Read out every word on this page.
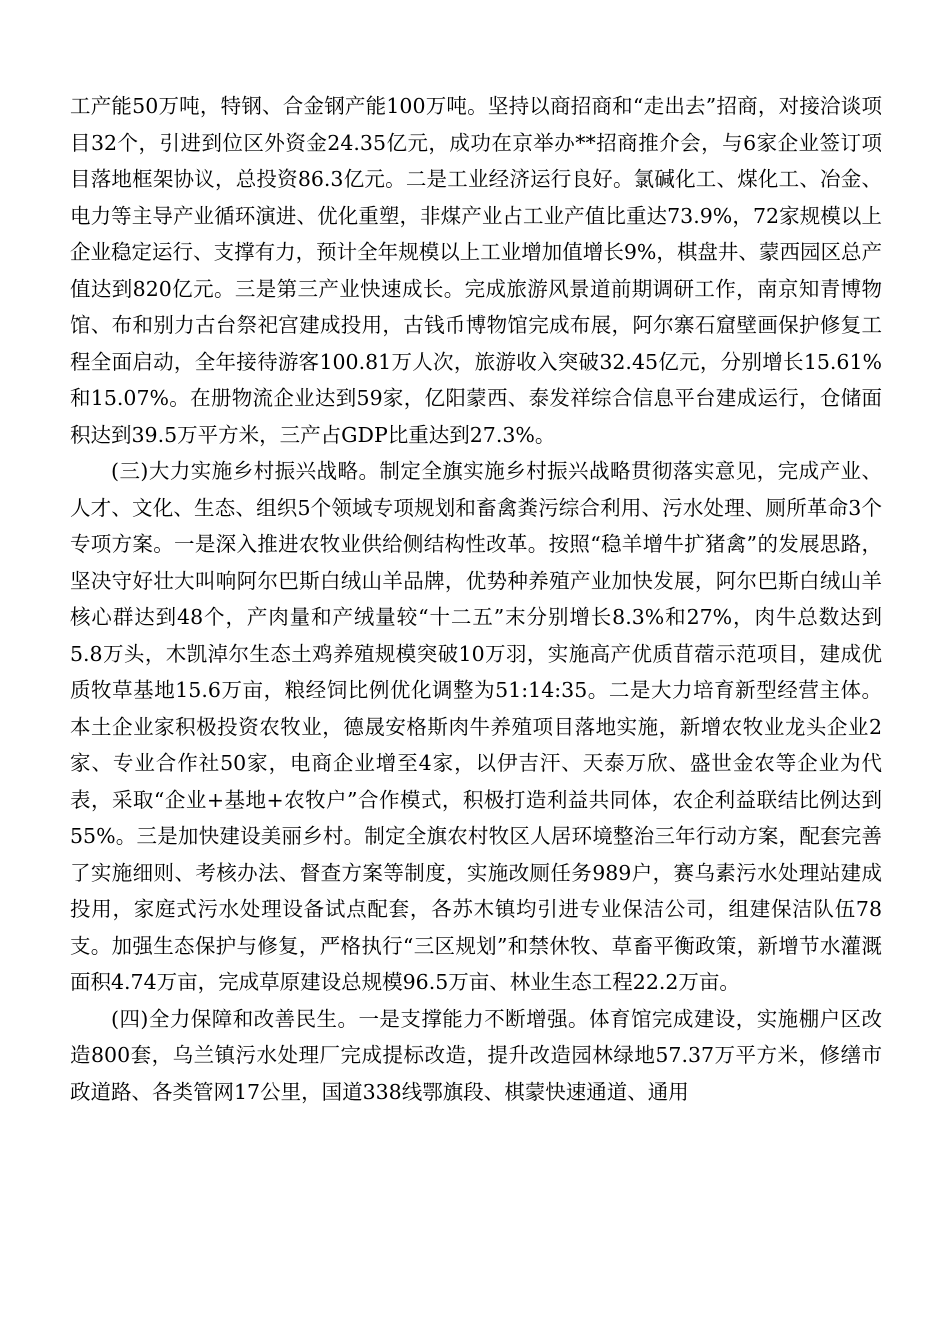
工产能50万吨，特钢、合金钢产能100万吨。坚持以商招商和“走出去”招商，对接洽谈项目32个，引进到位区外资金24.35亿元，成功在京举办**招商推介会，与6家企业签订项目落地框架协议，总投资86.3亿元。二是工业经济运行良好。氯碱化工、煤化工、冶金、电力等主导产业循环演进、优化重塑，非煤产业占工业产值比重达73.9%，72家规模以上企业稳定运行、支撑有力，预计全年规模以上工业增加值增长9%，棋盘井、蒙西园区总产值达到820亿元。三是第三产业快速成长。完成旅游风景道前期调研工作，南京知青博物馆、布和别力古台祭祀宫建成投用，古钱币博物馆完成布展，阿尔寨石窟壁画保护修复工程全面启动，全年接待游客100.81万人次，旅游收入突破32.45亿元，分别增长15.61%和15.07%。在册物流企业达到59家，亿阳蒙西、泰发祥综合信息平台建成运行，仓储面积达到39.5万平方米，三产占GDP比重达到27.3%。

(三)大力实施乡村振兴战略。制定全旗实施乡村振兴战略贯彻落实意见，完成产业、人才、文化、生态、组织5个领域专项规划和畜禽粪污综合利用、污水处理、厕所革命3个专项方案。一是深入推进农牧业供给侧结构性改革。按照“稳羊增牛扩猪禽”的发展思路，坚决守好壮大叫响阿尔巴斯白绒山羊品牌，优势种养殖产业加快发展，阿尔巴斯白绒山羊核心群达到48个，产肉量和产绒量较“十二五”末分别增长8.3%和27%，肉牛总数达到5.8万头，木凯淖尔生态土鸡养殖规模突破10万羽，实施高产优质苜蓿示范项目，建成优质牧草基地15.6万亩，粮经饲比例优化调整为51:14:35。二是大力培育新型经营主体。本土企业家积极投资农牧业，德晟安格斯肉牛养殖项目落地实施，新增农牧业龙头企业2家、专业合作社50家，电商企业增至4家，以伊吉汗、天泰万欣、盛世金农等企业为代表，采取“企业+基地+农牧户”合作模式，积极打造利益共同体，农企利益联结比例达到55%。三是加快建设美丽乡村。制定全旗农村牧区人居环境整治三年行动方案，配套完善了实施细则、考核办法、督查方案等制度，实施改厕任务989户，赛乌素污水处理站建成投用，家庭式污水处理设备试点配套，各苏木镇均引进专业保洁公司，组建保洁队伍78支。加强生态保护与修复，严格执行“三区规划”和禁休牧、草畜平衡政策，新增节水灌溉面积4.74万亩，完成草原建设总规模96.5万亩、林业生态工程22.2万亩。

(四)全力保障和改善民生。一是支撑能力不断增强。体育馆完成建设，实施棚户区改造800套，乌兰镇污水处理厂完成提标改造，提升改造园林绿地57.37万平方米，修缮市政道路、各类管网17公里，国道338线鄂旗段、棋蒙快速通道、通用
